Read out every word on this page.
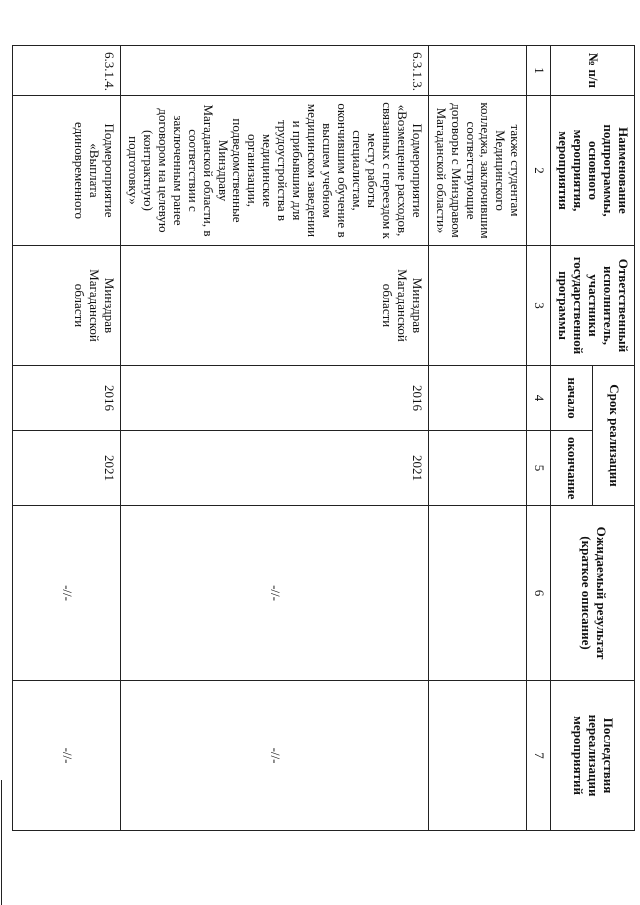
№ п/п	Наименование подпрограммы, основного мероприятия, мероприятия	Ответственный исполнитель, участники государственной программы	Срок реализации		Ожидаемый результат (краткое описание)	Последствия нереализации мероприятий
			начало	окончание		
1	2	3	4	5	6	7
	также студентам Медицинского колледжа, заключившим соответствующие договоры с Минздравом Магаданской области»					
6.3.1.3.	Подмероприятие «Возмещение расходов, связанных с переездом к месту работы специалистам, окончившим обучение в высшем учебном медицинском заведении и прибывшим для трудоустройства в медицинские организации, подведомственные Минздраву Магаданской области, в соответствии с заключенным ранее договором на целевую (контрактную) подготовку»	Минздрав Магаданской области	2016	2021	-//-	-//-
6.3.1.4.	Подмероприятие «Выплата единовременного	Минздрав Магаданской области	2016	2021	-//-	-//-
